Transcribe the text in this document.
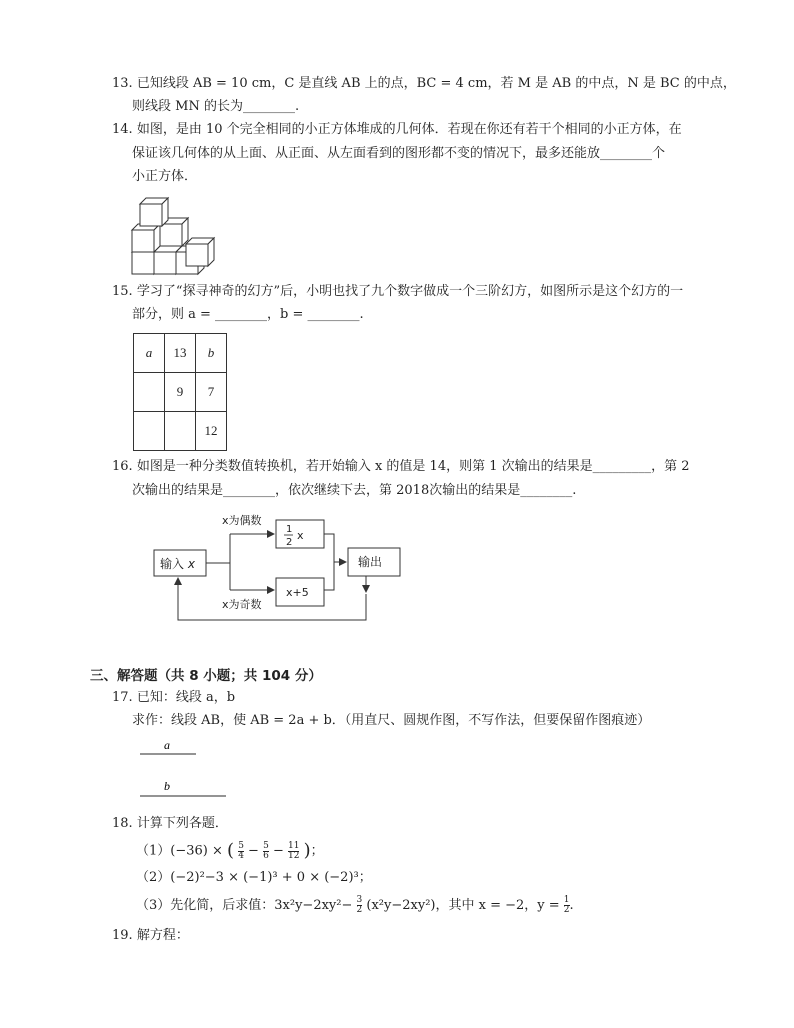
13. 已知线段 AB = 10 cm，C 是直线 AB 上的点，BC = 4 cm，若 M 是 AB 的中点，N 是 BC 的中点，
则线段 MN 的长为________.
14. 如图，是由 10 个完全相同的小正方体堆成的几何体．若现在你还有若干个相同的小正方体，在
保证该几何体的从上面、从正面、从左面看到的图形都不变的情况下，最多还能放________个
小正方体．
15. 学习了“探寻神奇的幻方”后，小明也找了九个数字做成一个三阶幻方，如图所示是这个幻方的一
部分，则 a = ________，b = ________.
a	13	b
	9	7
		12
16. 如图是一种分类数值转换机，若开始输入 x 的值是 14，则第 1 次输出的结果是_________，第 2
次输出的结果是________，依次继续下去，第 2018次输出的结果是________.
输入 x
x为偶数
x为奇数
1
2
x
x+5
输出
三、解答题（共 8 小题；共 104 分）
17. 已知：线段 a，b
求作：线段 AB，使 AB = 2a + b．（用直尺、圆规作图，不写作法，但要保留作图痕迹）
a
b
18. 计算下列各题．
（1）(−36) × ( $\frac{5}{4} - \frac{5}{6} - \frac{11}{12}$ )；
（2）(−2)²−3 × (−1)³ + 0 × (−2)³；
（3）先化简，后求值：$3x^2y-2xy^2- \frac{3}{2} (x^2y-2xy^2)$，其中 x = −2，$y = \frac{1}{2}$ .
19. 解方程：
